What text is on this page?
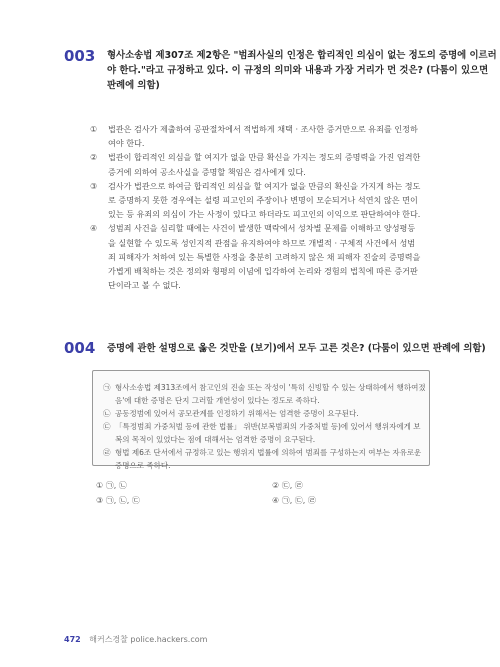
003 형사소송법 제307조 제2항은 "범죄사실의 인정은 합리적인 의심이 없는 정도의 증명에 이르러
야 한다."라고 규정하고 있다. 이 규정의 의미와 내용과 가장 거리가 먼 것은? (다툼이 있으면
판례에 의함)
①	법관은 검사가 제출하여 공판절차에서 적법하게 채택 · 조사한 증거만으로 유죄를 인정하
여야 한다.
②	법관이 합리적인 의심을 할 여지가 없을 만큼 확신을 가지는 정도의 증명력을 가진 엄격한
증거에 의하여 공소사실을 증명할 책임은 검사에게 있다.
③	검사가 법관으로 하여금 합리적인 의심을 할 여지가 없을 만큼의 확신을 가지게 하는 정도
로 증명하지 못한 경우에는 설령 피고인의 주장이나 변명이 모순되거나 석연치 않은 면이
있는 등 유죄의 의심이 가는 사정이 있다고 하더라도 피고인의 이익으로 판단하여야 한다.
④	성범죄 사건을 심리할 때에는 사건이 발생한 맥락에서 성차별 문제를 이해하고 양성평등
을 실현할 수 있도록 성인지적 관점을 유지하여야 하므로 개별적 · 구체적 사건에서 성범
죄 피해자가 처하여 있는 특별한 사정을 충분히 고려하지 않은 채 피해자 진술의 증명력을
가볍게 배척하는 것은 정의와 형평의 이념에 입각하여 논리와 경험의 법칙에 따른 증거판
단이라고 볼 수 없다.
004 증명에 관한 설명으로 옳은 것만을 (보기)에서 모두 고른 것은? (다툼이 있으면 판례에 의함)
㉠ 형사소송법 제313조에서 참고인의 진술 또는 작성이 '특히 신빙할 수 있는 상태하에서 행하여졌
음'에 대한 증명은 단지 그러할 개연성이 있다는 정도로 족하다.
㉡ 공동정범에 있어서 공모관계를 인정하기 위해서는 엄격한 증명이 요구된다.
㉢ 「특정범죄 가중처벌 등에 관한 법률」 위반(보복범죄의 가중처벌 등)에 있어서 행위자에게 보
복의 목적이 있었다는 점에 대해서는 엄격한 증명이 요구된다.
㉣ 형법 제6조 단서에서 규정하고 있는 행위지 법률에 의하여 범죄를 구성하는지 여부는 자유로운
증명으로 족하다.
① ㉠, ㉡	② ㉢, ㉣
③ ㉠, ㉡, ㉢	④ ㉠, ㉢, ㉣
472 해커스경찰 police.hackers.com
